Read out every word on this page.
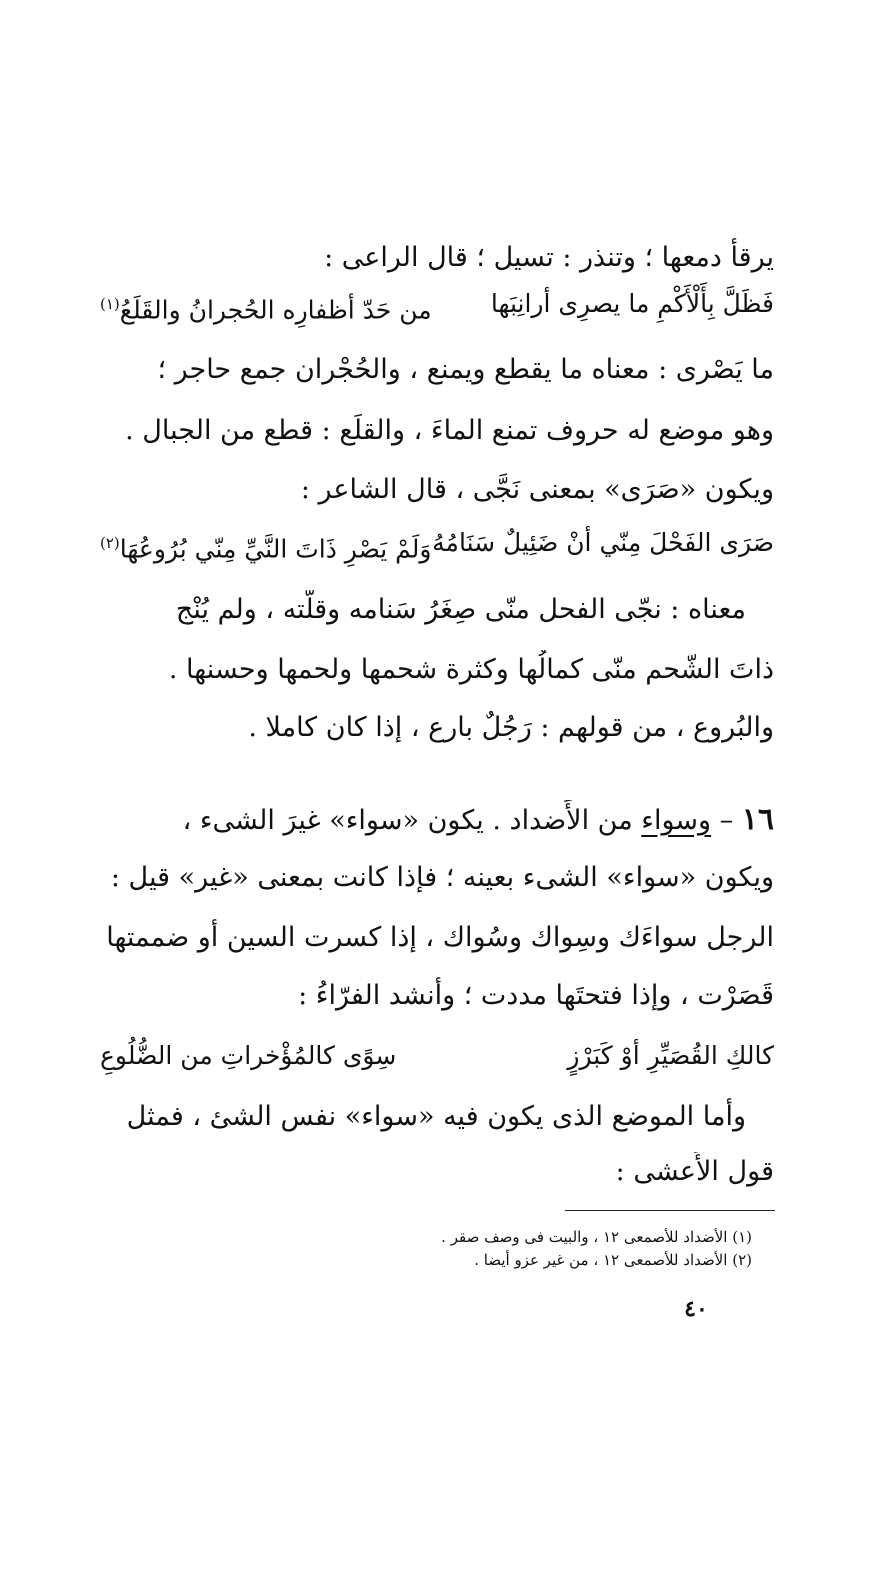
يرقأ دمعها ؛ وتنذر : تسيل ؛ قال الراعى :
فَظَلَّ بِأَلْأَكْمِ ما يصرِى أرانِبَها
من حَدّ أظفارِه الحُجرانُ والقَلَعُ$^{(١)}$
ما يَصْرى : معناه ما يقطع ويمنع ، والحُجْران جمع حاجر ؛
وهو موضع له حروف تمنع الماءَ ، والقلَع : قطع من الجبال .
ويكون «صَرَى» بمعنى نَجَّى ، قال الشاعر :
صَرَى الفَحْلَ مِنّي أنْ ضَئِيلٌ سَنَامُهُ
وَلَمْ يَصْرِ ذَاتَ النَّيِّ مِنّي بُرُوعُهَا$^{(٢)}$
معناه : نجّى الفحل منّى صِغَرُ سَنامه وقلّته ، ولم يُنْج
ذاتَ الشّحم منّى كمالُها وكثرة شحمها ولحمها وحسنها .
والبُروع ، من قولهم : رَجُلٌ بارع ، إذا كان كاملا .
١٦ – وسواء من الأَضداد . يكون «سواء» غيرَ الشىء ،
ويكون «سواء» الشىء بعينه ؛ فإذا كانت بمعنى «غير» قيل :
الرجل سواءَك وسِواك وسُواك ، إذا كسرت السين أو ضممتها
قَصَرْت ، وإذا فتحتَها مددت ؛ وأنشد الفرّاءُ :
كالكِ القُصَيِّرِ أوْ كَبَرْزٍ
سِوًى كالمُؤْخراتِ من الضُّلُوعِ
وأما الموضع الذى يكون فيه «سواء» نفس الشئ ، فمثل
قول الأَعشى :
(١) الأضداد للأصمعى ١٢ ، والبيت فى وصف صقر .
(٢) الأضداد للأصمعى ١٢ ، من غير عزو أيضا .
٤٠
